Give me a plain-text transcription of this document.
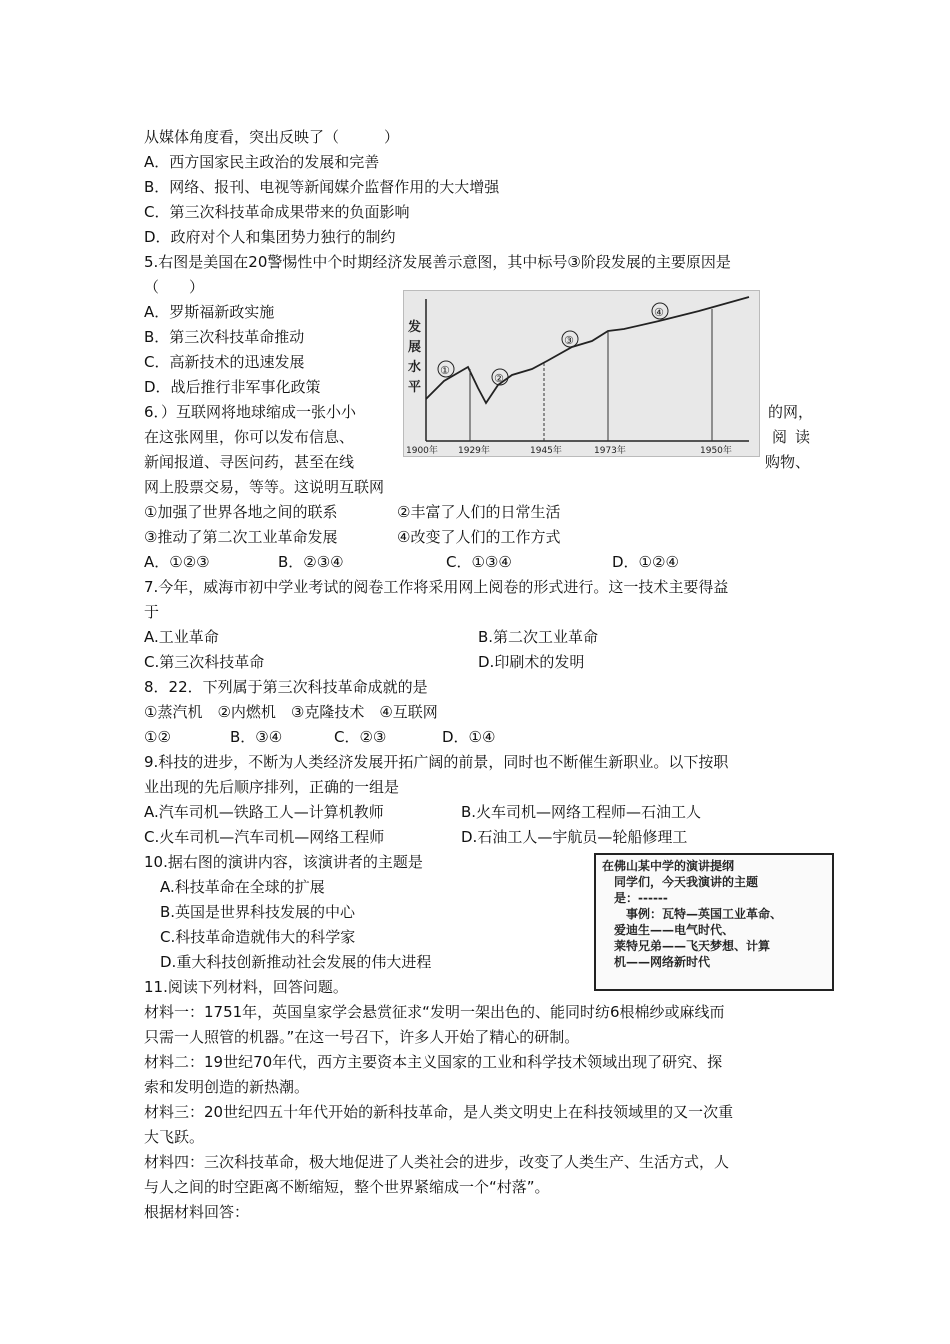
从媒体角度看，突出反映了（　　　）
A．西方国家民主政治的发展和完善
B．网络、报刊、电视等新闻媒介监督作用的大大增强
C．第三次科技革命成果带来的负面影响
D．政府对个人和集团势力独行的制约
5.右图是美国在20警惕性中个时期经济发展善示意图，其中标号③阶段发展的主要原因是
（　　）
A．罗斯福新政实施
B．第三次科技革命推动
C．高新技术的迅速发展
D．战后推行非军事化政策
发
展
水
平
①
②
③
④
1900年 1929年	1945年	1973年	1950年
6．）互联网将地球缩成一张小小	的网，
在这张网里，你可以发布信息、	阅读
新闻报道、寻医问药，甚至在线	购物、
网上股票交易，等等。这说明互联网
①加强了世界各地之间的联系	②丰富了人们的日常生活
③推动了第二次工业革命发展	④改变了人们的工作方式
A．①②③	B．②③④	C．①③④	D．①②④
7.今年，威海市初中学业考试的阅卷工作将采用网上阅卷的形式进行。这一技术主要得益
于
A.工业革命	B.第二次工业革命
C.第三次科技革命	D.印刷术的发明
8．22．下列属于第三次科技革命成就的是
①蒸汽机　②内燃机　③克隆技术　④互联网
①②	B．③④	C．②③	D．①④
9.科技的进步，不断为人类经济发展开拓广阔的前景，同时也不断催生新职业。以下按职
业出现的先后顺序排列，正确的一组是
A.汽车司机—铁路工人—计算机教师	B.火车司机—网络工程师—石油工人
C.火车司机—汽车司机—网络工程师	D.石油工人—宇航员—轮船修理工
10.据右图的演讲内容，该演讲者的主题是
A.科技革命在全球的扩展
B.英国是世界科技发展的中心
C.科技革命造就伟大的科学家
D.重大科技创新推动社会发展的伟大进程
在佛山某中学的演讲提纲
　同学们，今天我演讲的主题
　是：------
　　事例：瓦特—英国工业革命、
　爱迪生——电气时代、
　莱特兄弟——飞天梦想、计算
　机——网络新时代
11.阅读下列材料，回答问题。
材料一：1751年，英国皇家学会悬赏征求“发明一架出色的、能同时纺6根棉纱或麻线而
只需一人照管的机器。”在这一号召下，许多人开始了精心的研制。
材料二：19世纪70年代，西方主要资本主义国家的工业和科学技术领域出现了研究、探
索和发明创造的新热潮。
材料三：20世纪四五十年代开始的新科技革命，是人类文明史上在科技领域里的又一次重
大飞跃。
材料四：三次科技革命，极大地促进了人类社会的进步，改变了人类生产、生活方式，人
与人之间的时空距离不断缩短，整个世界紧缩成一个“村落”。
根据材料回答：
